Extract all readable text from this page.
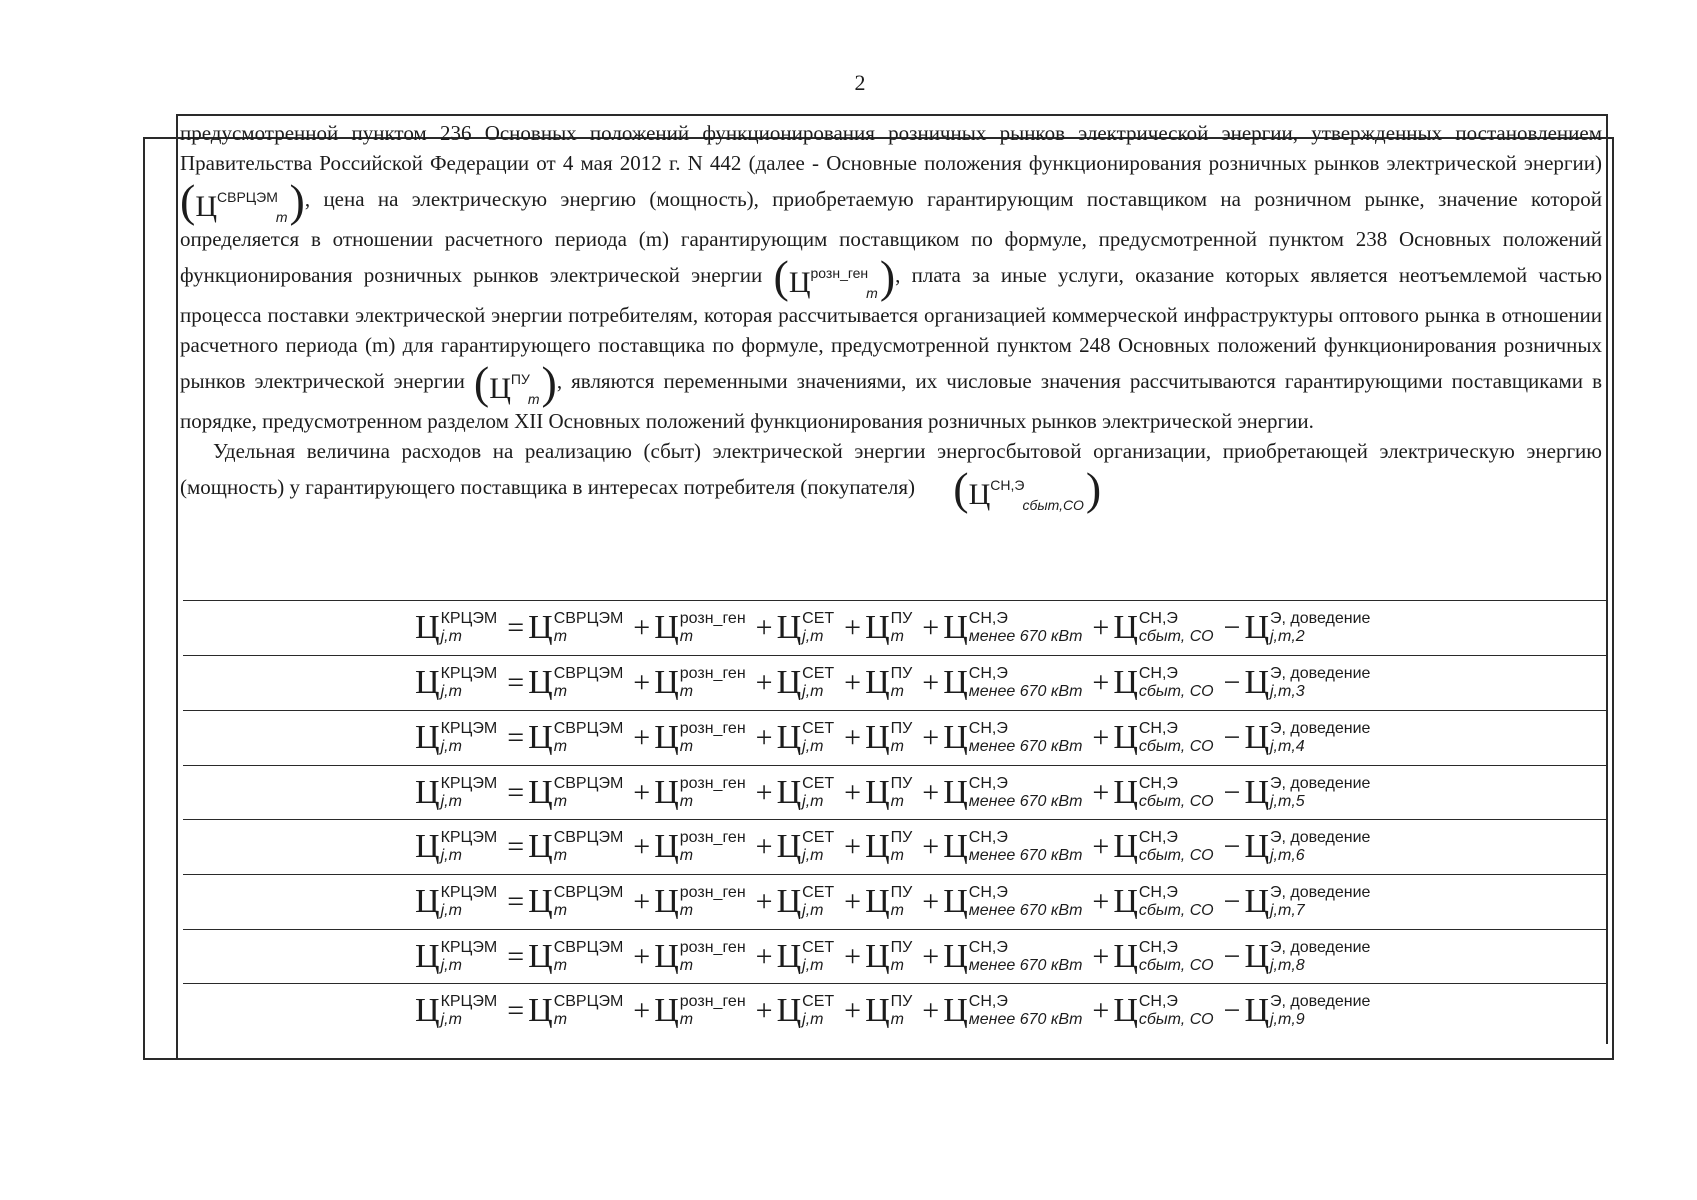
2

предусмотренной пунктом 236 Основных положений функционирования розничных рынков электрической энергии, утвержденных постановлением Правительства Российской Федерации от 4 мая 2012 г. N 442 (далее - Основные положения функционирования розничных рынков электрической энергии) $(Ц^{СВРЦЭМ}_m)$, цена на электрическую энергию (мощность), приобретаемую гарантирующим поставщиком на розничном рынке, значение которой определяется в отношении расчетного периода (m) гарантирующим поставщиком по формуле, предусмотренной пунктом 238 Основных положений функционирования розничных рынков электрической энергии $(Ц^{розн\_ген}_m)$, плата за иные услуги, оказание которых является неотъемлемой частью процесса поставки электрической энергии потребителям, которая рассчитывается организацией коммерческой инфраструктуры оптового рынка в отношении расчетного периода (m) для гарантирующего поставщика по формуле, предусмотренной пунктом 248 Основных положений функционирования розничных рынков электрической энергии $(Ц^{ПУ}_m)$, являются переменными значениями, их числовые значения рассчитываются гарантирующими поставщиками в порядке, предусмотренном разделом XII Основных положений функционирования розничных рынков электрической энергии.

Удельная величина расходов на реализацию (сбыт) электрической энергии энергосбытовой организации, приобретающей электрическую энергию (мощность) у гарантирующего поставщика в интересах потребителя (покупателя) $(Ц^{СН,Э}_{сбыт,СО})$

Ц КРЦЭМ
j,m	= Ц СВРЦЭМ
m	+ Ц розн_ген
m	+ Ц СЕТ
j,m + Ц ПУ
m + Ц СН,Э
менее 670 кВт + Ц СН,Э
сбыт, СО − Ц Э, доведение
j,m,2
Ц КРЦЭМ
j,m	= Ц СВРЦЭМ
m	+ Ц розн_ген
m	+ Ц СЕТ
j,m + Ц ПУ
m + Ц СН,Э
менее 670 кВт + Ц СН,Э
сбыт, СО − Ц Э, доведение
j,m,3
Ц КРЦЭМ
j,m	= Ц СВРЦЭМ
m	+ Ц розн_ген
m	+ Ц СЕТ
j,m + Ц ПУ
m + Ц СН,Э
менее 670 кВт + Ц СН,Э
сбыт, СО − Ц Э, доведение
j,m,4
Ц КРЦЭМ
j,m	= Ц СВРЦЭМ
m	+ Ц розн_ген
m	+ Ц СЕТ
j,m + Ц ПУ
m + Ц СН,Э
менее 670 кВт + Ц СН,Э
сбыт, СО − Ц Э, доведение
j,m,5
Ц КРЦЭМ
j,m	= Ц СВРЦЭМ
m	+ Ц розн_ген
m	+ Ц СЕТ
j,m + Ц ПУ
m + Ц СН,Э
менее 670 кВт + Ц СН,Э
сбыт, СО − Ц Э, доведение
j,m,6
Ц КРЦЭМ
j,m	= Ц СВРЦЭМ
m	+ Ц розн_ген
m	+ Ц СЕТ
j,m + Ц ПУ
m + Ц СН,Э
менее 670 кВт + Ц СН,Э
сбыт, СО − Ц Э, доведение
j,m,7
Ц КРЦЭМ
j,m	= Ц СВРЦЭМ
m	+ Ц розн_ген
m	+ Ц СЕТ
j,m + Ц ПУ
m + Ц СН,Э
менее 670 кВт + Ц СН,Э
сбыт, СО − Ц Э, доведение
j,m,8
Ц КРЦЭМ
j,m	= Ц СВРЦЭМ
m	+ Ц розн_ген
m	+ Ц СЕТ
j,m + Ц ПУ
m + Ц СН,Э
менее 670 кВт + Ц СН,Э
сбыт, СО − Ц Э, доведение
j,m,9
